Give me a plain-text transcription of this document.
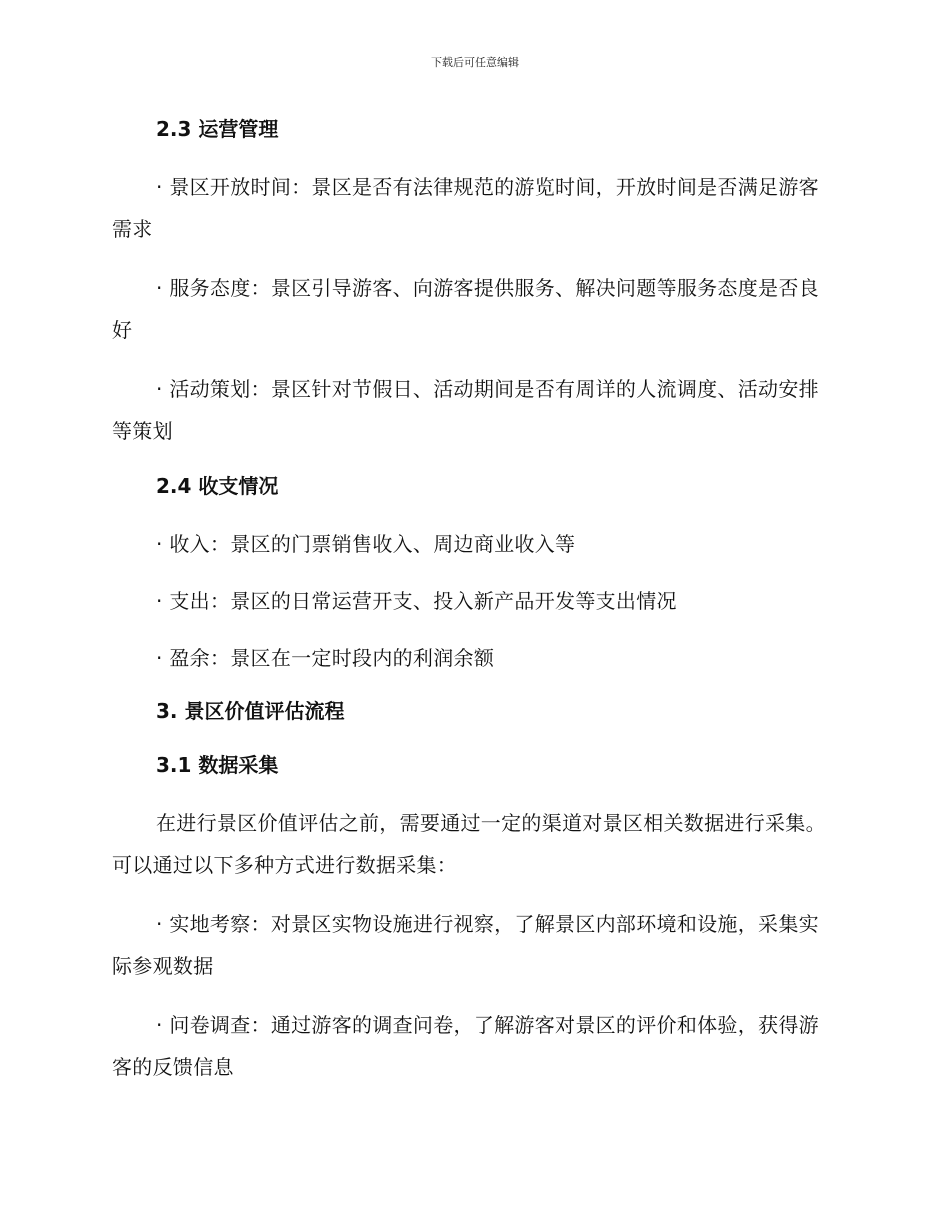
下载后可任意编辑
2.3 运营管理
· 景区开放时间：景区是否有法律规范的游览时间，开放时间是否满足游客需求
· 服务态度：景区引导游客、向游客提供服务、解决问题等服务态度是否良好
· 活动策划：景区针对节假日、活动期间是否有周详的人流调度、活动安排等策划
2.4 收支情况
· 收入：景区的门票销售收入、周边商业收入等
· 支出：景区的日常运营开支、投入新产品开发等支出情况
· 盈余：景区在一定时段内的利润余额
3. 景区价值评估流程
3.1 数据采集
在进行景区价值评估之前，需要通过一定的渠道对景区相关数据进行采集。可以通过以下多种方式进行数据采集：
· 实地考察：对景区实物设施进行视察，了解景区内部环境和设施，采集实际参观数据
· 问卷调查：通过游客的调查问卷，了解游客对景区的评价和体验，获得游客的反馈信息
